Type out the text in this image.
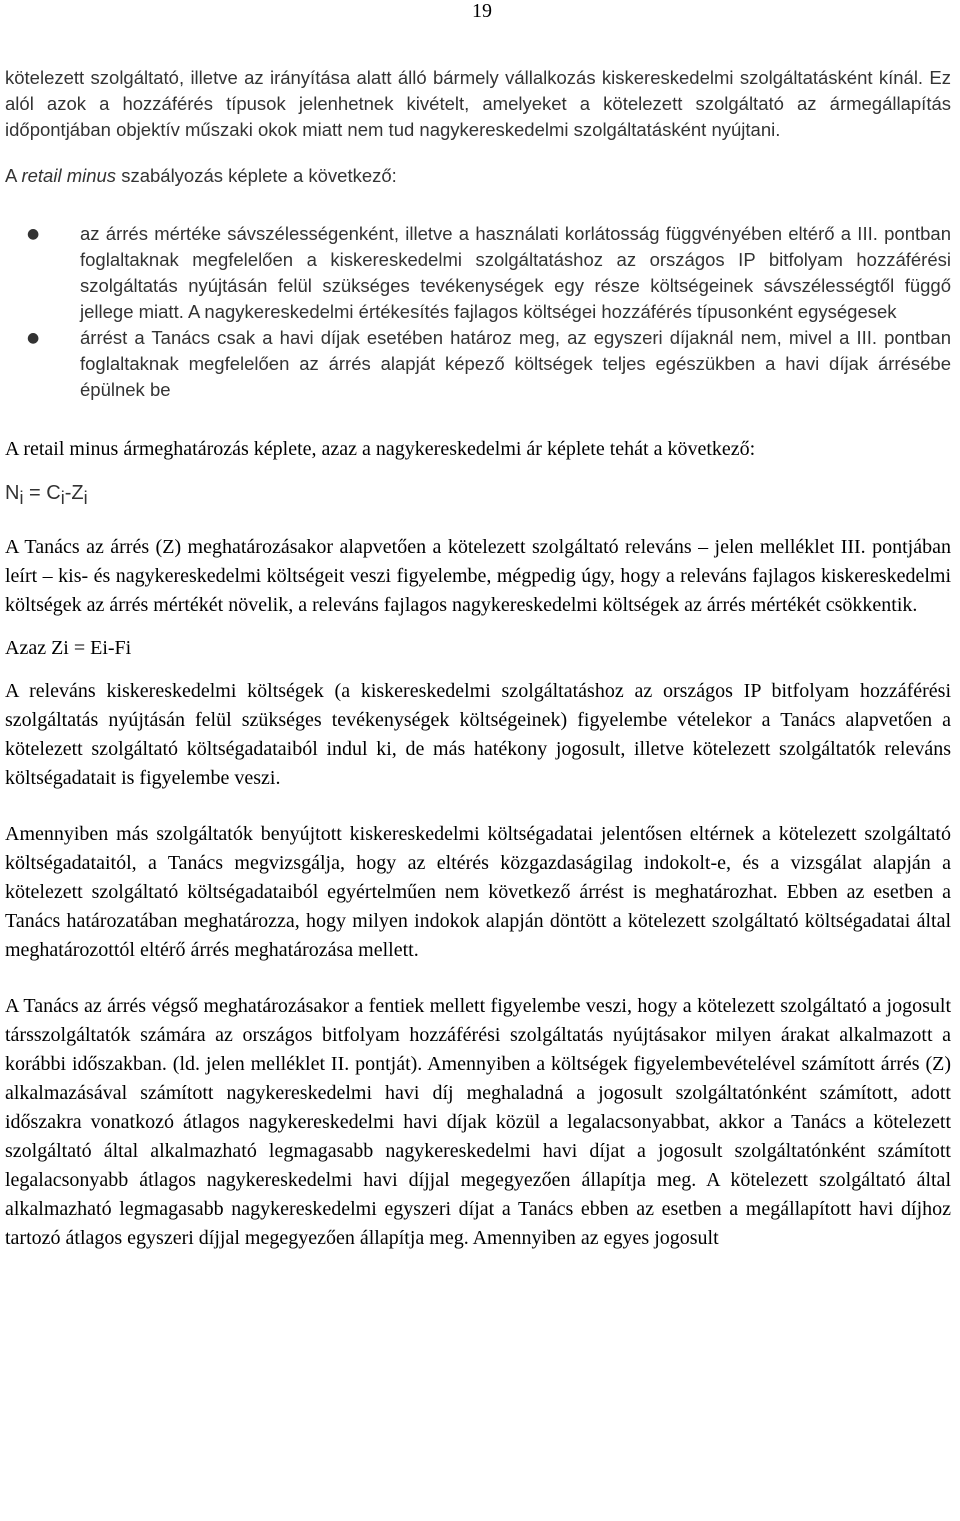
19

kötelezett szolgáltató, illetve az irányítása alatt álló bármely vállalkozás kiskereskedelmi szolgáltatásként kínál. Ez alól azok a hozzáférés típusok jelenhetnek kivételt, amelyeket a kötelezett szolgáltató az ármegállapítás időpontjában objektív műszaki okok miatt nem tud nagykereskedelmi szolgáltatásként nyújtani.

A retail minus szabályozás képlete a következő:

● az árrés mértéke sávszélességenként, illetve a használati korlátosság függvényében eltérő a III. pontban foglaltaknak megfelelően a kiskereskedelmi szolgáltatáshoz az országos IP bitfolyam hozzáférési szolgáltatás nyújtásán felül szükséges tevékenységek egy része költségeinek sávszélességtől függő jellege miatt. A nagykereskedelmi értékesítés fajlagos költségei hozzáférés típusonként egységesek
● árrést a Tanács csak a havi díjak esetében határoz meg, az egyszeri díjaknál nem, mivel a III. pontban foglaltaknak megfelelően az árrés alapját képező költségek teljes egészükben a havi díjak árrésébe épülnek be

A retail minus ármeghatározás képlete, azaz a nagykereskedelmi ár képlete tehát a következő:

$N_i = C_i-Z_i$

A Tanács az árrés (Z) meghatározásakor alapvetően a kötelezett szolgáltató releváns – jelen melléklet III. pontjában leírt – kis- és nagykereskedelmi költségeit veszi figyelembe, mégpedig úgy, hogy a releváns fajlagos kiskereskedelmi költségek az árrés mértékét növelik, a releváns fajlagos nagykereskedelmi költségek az árrés mértékét csökkentik.

Azaz Zi = Ei-Fi

A releváns kiskereskedelmi költségek (a kiskereskedelmi szolgáltatáshoz az országos IP bitfolyam hozzáférési szolgáltatás nyújtásán felül szükséges tevékenységek költségeinek) figyelembe vételekor a Tanács alapvetően a kötelezett szolgáltató költségadataiból indul ki, de más hatékony jogosult, illetve kötelezett szolgáltatók releváns költségadatait is figyelembe veszi.

Amennyiben más szolgáltatók benyújtott kiskereskedelmi költségadatai jelentősen eltérnek a kötelezett szolgáltató költségadataitól, a Tanács megvizsgálja, hogy az eltérés közgazdaságilag indokolt-e, és a vizsgálat alapján a kötelezett szolgáltató költségadataiból egyértelműen nem következő árrést is meghatározhat. Ebben az esetben a Tanács határozatában meghatározza, hogy milyen indokok alapján döntött a kötelezett szolgáltató költségadatai által meghatározottól eltérő árrés meghatározása mellett.

A Tanács az árrés végső meghatározásakor a fentiek mellett figyelembe veszi, hogy a kötelezett szolgáltató a jogosult társszolgáltatók számára az országos bitfolyam hozzáférési szolgáltatás nyújtásakor milyen árakat alkalmazott a korábbi időszakban. (ld. jelen melléklet II. pontját). Amennyiben a költségek figyelembevételével számított árrés (Z) alkalmazásával számított nagykereskedelmi havi díj meghaladná a jogosult szolgáltatónként számított, adott időszakra vonatkozó átlagos nagykereskedelmi havi díjak közül a legalacsonyabbat, akkor a Tanács a kötelezett szolgáltató által alkalmazható legmagasabb nagykereskedelmi havi díjat a jogosult szolgáltatónként számított legalacsonyabb átlagos nagykereskedelmi havi díjjal megegyezően állapítja meg. A kötelezett szolgáltató által alkalmazható legmagasabb nagykereskedelmi egyszeri díjat a Tanács ebben az esetben a megállapított havi díjhoz tartozó átlagos egyszeri díjjal megegyezően állapítja meg. Amennyiben az egyes jogosult
